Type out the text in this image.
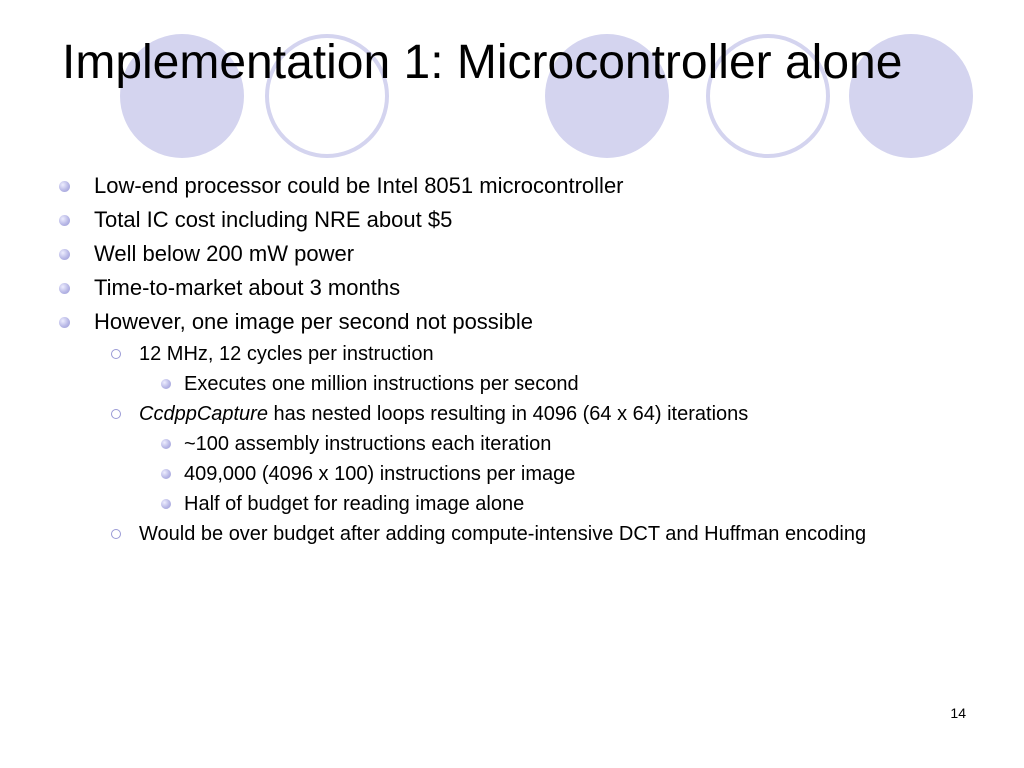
Implementation 1: Microcontroller alone
Low-end processor could be Intel 8051 microcontroller
Total IC cost including NRE about $5
Well below 200 mW power
Time-to-market about 3 months
However, one image per second not possible
12 MHz, 12 cycles per instruction
Executes one million instructions per second
CcdppCapture has nested loops resulting in 4096 (64 x 64) iterations
~100 assembly instructions each iteration
409,000 (4096 x 100) instructions per image
Half of budget for reading image alone
Would be over budget after adding compute-intensive DCT and Huffman encoding
14
